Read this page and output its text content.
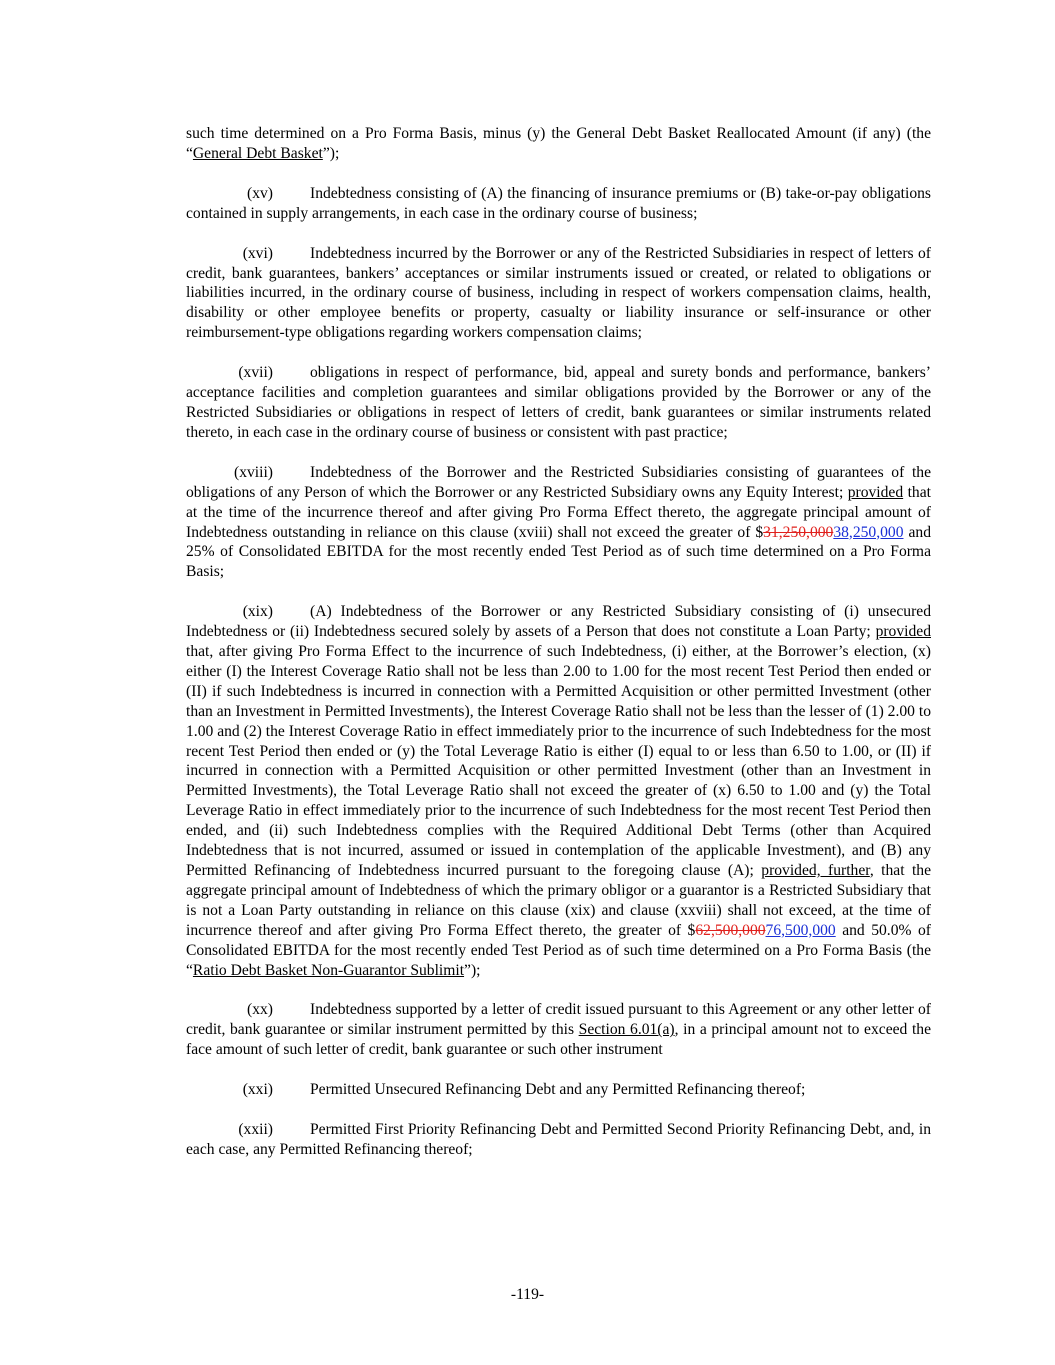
such time determined on a Pro Forma Basis, minus (y) the General Debt Basket Reallocated Amount (if any) (the “General Debt Basket”);

(xv) Indebtedness consisting of (A) the financing of insurance premiums or (B) take-or-pay obligations contained in supply arrangements, in each case in the ordinary course of business;

(xvi) Indebtedness incurred by the Borrower or any of the Restricted Subsidiaries in respect of letters of credit, bank guarantees, bankers’ acceptances or similar instruments issued or created, or related to obligations or liabilities incurred, in the ordinary course of business, including in respect of workers compensation claims, health, disability or other employee benefits or property, casualty or liability insurance or self-insurance or other reimbursement-type obligations regarding workers compensation claims;

(xvii) obligations in respect of performance, bid, appeal and surety bonds and performance, bankers’ acceptance facilities and completion guarantees and similar obligations provided by the Borrower or any of the Restricted Subsidiaries or obligations in respect of letters of credit, bank guarantees or similar instruments related thereto, in each case in the ordinary course of business or consistent with past practice;

(xviii) Indebtedness of the Borrower and the Restricted Subsidiaries consisting of guarantees of the obligations of any Person of which the Borrower or any Restricted Subsidiary owns any Equity Interest; provided that at the time of the incurrence thereof and after giving Pro Forma Effect thereto, the aggregate principal amount of Indebtedness outstanding in reliance on this clause (xviii) shall not exceed the greater of $31,250,00038,250,000 and 25% of Consolidated EBITDA for the most recently ended Test Period as of such time determined on a Pro Forma Basis;

(xix) (A) Indebtedness of the Borrower or any Restricted Subsidiary consisting of (i) unsecured Indebtedness or (ii) Indebtedness secured solely by assets of a Person that does not constitute a Loan Party; provided that, after giving Pro Forma Effect to the incurrence of such Indebtedness, (i) either, at the Borrower’s election, (x) either (I) the Interest Coverage Ratio shall not be less than 2.00 to 1.00 for the most recent Test Period then ended or (II) if such Indebtedness is incurred in connection with a Permitted Acquisition or other permitted Investment (other than an Investment in Permitted Investments), the Interest Coverage Ratio shall not be less than the lesser of (1) 2.00 to 1.00 and (2) the Interest Coverage Ratio in effect immediately prior to the incurrence of such Indebtedness for the most recent Test Period then ended or (y) the Total Leverage Ratio is either (I) equal to or less than 6.50 to 1.00, or (II) if incurred in connection with a Permitted Acquisition or other permitted Investment (other than an Investment in Permitted Investments), the Total Leverage Ratio shall not exceed the greater of (x) 6.50 to 1.00 and (y) the Total Leverage Ratio in effect immediately prior to the incurrence of such Indebtedness for the most recent Test Period then ended, and (ii) such Indebtedness complies with the Required Additional Debt Terms (other than Acquired Indebtedness that is not incurred, assumed or issued in contemplation of the applicable Investment), and (B) any Permitted Refinancing of Indebtedness incurred pursuant to the foregoing clause (A); provided, further, that the aggregate principal amount of Indebtedness of which the primary obligor or a guarantor is a Restricted Subsidiary that is not a Loan Party outstanding in reliance on this clause (xix) and clause (xxviii) shall not exceed, at the time of incurrence thereof and after giving Pro Forma Effect thereto, the greater of $62,500,00076,500,000 and 50.0% of Consolidated EBITDA for the most recently ended Test Period as of such time determined on a Pro Forma Basis (the “Ratio Debt Basket Non-Guarantor Sublimit”);

(xx) Indebtedness supported by a letter of credit issued pursuant to this Agreement or any other letter of credit, bank guarantee or similar instrument permitted by this Section 6.01(a), in a principal amount not to exceed the face amount of such letter of credit, bank guarantee or such other instrument

(xxi) Permitted Unsecured Refinancing Debt and any Permitted Refinancing thereof;

(xxii) Permitted First Priority Refinancing Debt and Permitted Second Priority Refinancing Debt, and, in each case, any Permitted Refinancing thereof;

-119-
